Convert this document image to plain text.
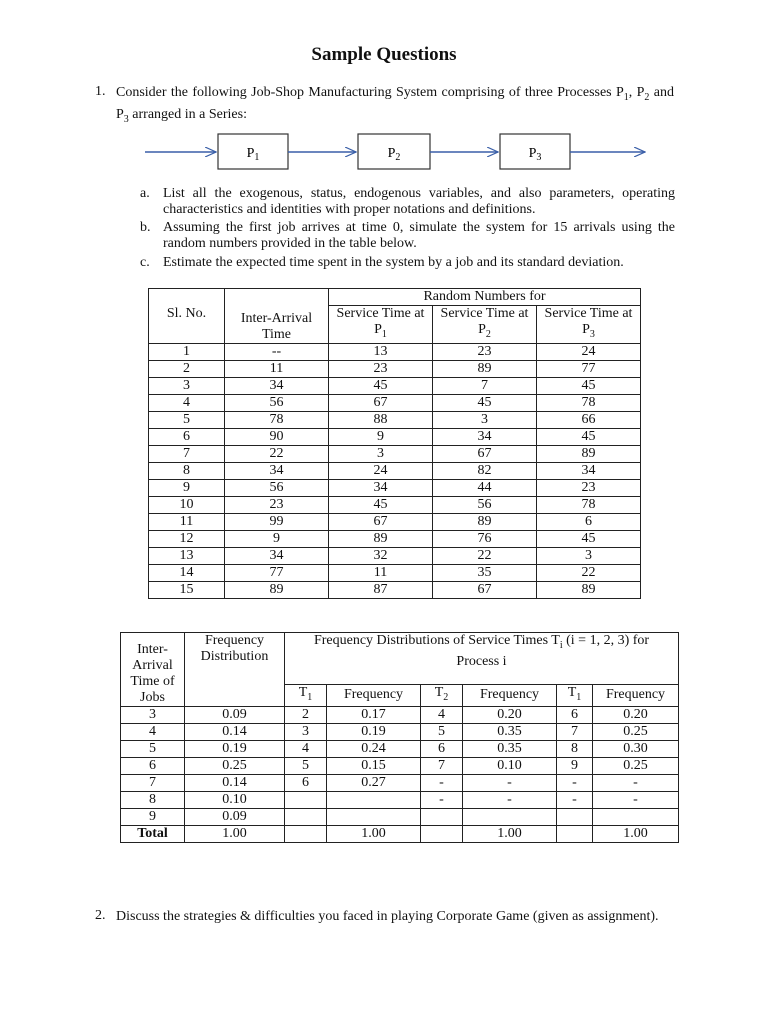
Sample Questions
1. Consider the following Job-Shop Manufacturing System comprising of three Processes $P_1$, $P_2$ and $P_3$ arranged in a Series:
$P_1$	$P_2$	$P_3$
a. List all the exogenous, status, endogenous variables, and also parameters, operating characteristics and identities with proper notations and definitions.
b. Assuming the first job arrives at time 0, simulate the system for 15 arrivals using the random numbers provided in the table below.
c. Estimate the expected time spent in the system by a job and its standard deviation.
Sl. No.	Inter-Arrival Time	Random Numbers for		
		Service Time at $P_1$	Service Time at $P_2$	Service Time at $P_3$
1	--	13	23	24
2	11	23	89	77
3	34	45	7	45
4	56	67	45	78
5	78	88	3	66
6	90	9	34	45
7	22	3	67	89
8	34	24	82	34
9	56	34	44	23
10	23	45	56	78
11	99	67	89	6
12	9	89	76	45
13	34	32	22	3
14	77	11	35	22
15	89	87	67	89
Inter-Arrival Time of Jobs	Frequency Distribution	Frequency Distributions of Service Times $T_i$ (i = 1, 2, 3) for Process i					
		$T_1$	Frequency	$T_2$	Frequency	$T_1$	Frequency
3	0.09	2	0.17	4	0.20	6	0.20
4	0.14	3	0.19	5	0.35	7	0.25
5	0.19	4	0.24	6	0.35	8	0.30
6	0.25	5	0.15	7	0.10	9	0.25
7	0.14	6	0.27	-	-	-	-
8	0.10			-	-	-	-
9	0.09						
Total	1.00		1.00		1.00		1.00
2. Discuss the strategies & difficulties you faced in playing Corporate Game (given as assignment).
